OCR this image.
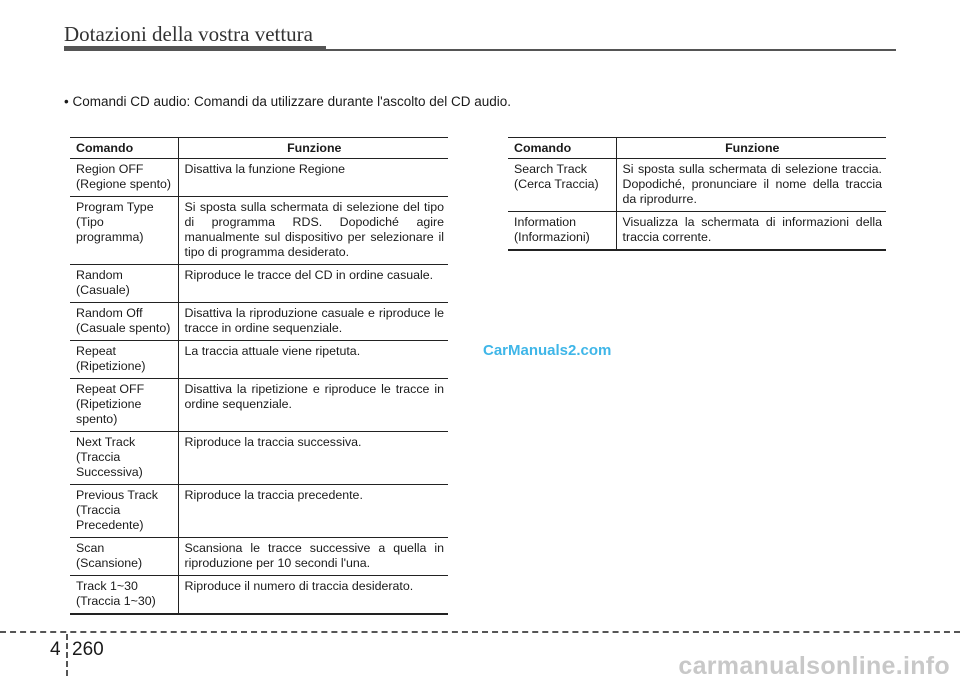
Dotazioni della vostra vettura
• Comandi CD audio: Comandi da utilizzare durante l'ascolto del CD audio.
Comando	Funzione
Region OFF
(Regione spento)	Disattiva la funzione Regione
Program Type
(Tipo
programma)	Si sposta sulla schermata di selezione del tipo di programma RDS. Dopodiché agire manualmente sul dispositivo per selezionare il tipo di programma desiderato.
Random
(Casuale)	Riproduce le tracce del CD in ordine casuale.
Random Off
(Casuale spento)	Disattiva la riproduzione casuale e riproduce le tracce in ordine sequenziale.
Repeat
(Ripetizione)	La traccia attuale viene ripetuta.
Repeat OFF
(Ripetizione
spento)	Disattiva la ripetizione e riproduce le tracce in ordine sequenziale.
Next Track
(Traccia
Successiva)	Riproduce la traccia successiva.
Previous Track
(Traccia
Precedente)	Riproduce la traccia precedente.
Scan
(Scansione)	Scansiona le tracce successive a quella in riproduzione per 10 secondi l'una.
Track 1~30
(Traccia 1~30)	Riproduce il numero di traccia desiderato.
Comando	Funzione
Search Track
(Cerca Traccia)	Si sposta sulla schermata di selezione traccia. Dopodiché, pronunciare il nome della traccia da riprodurre.
Information
(Informazioni)	Visualizza la schermata di informazioni della traccia corrente.
CarManuals2.com
4 260
carmanualsonline.info
